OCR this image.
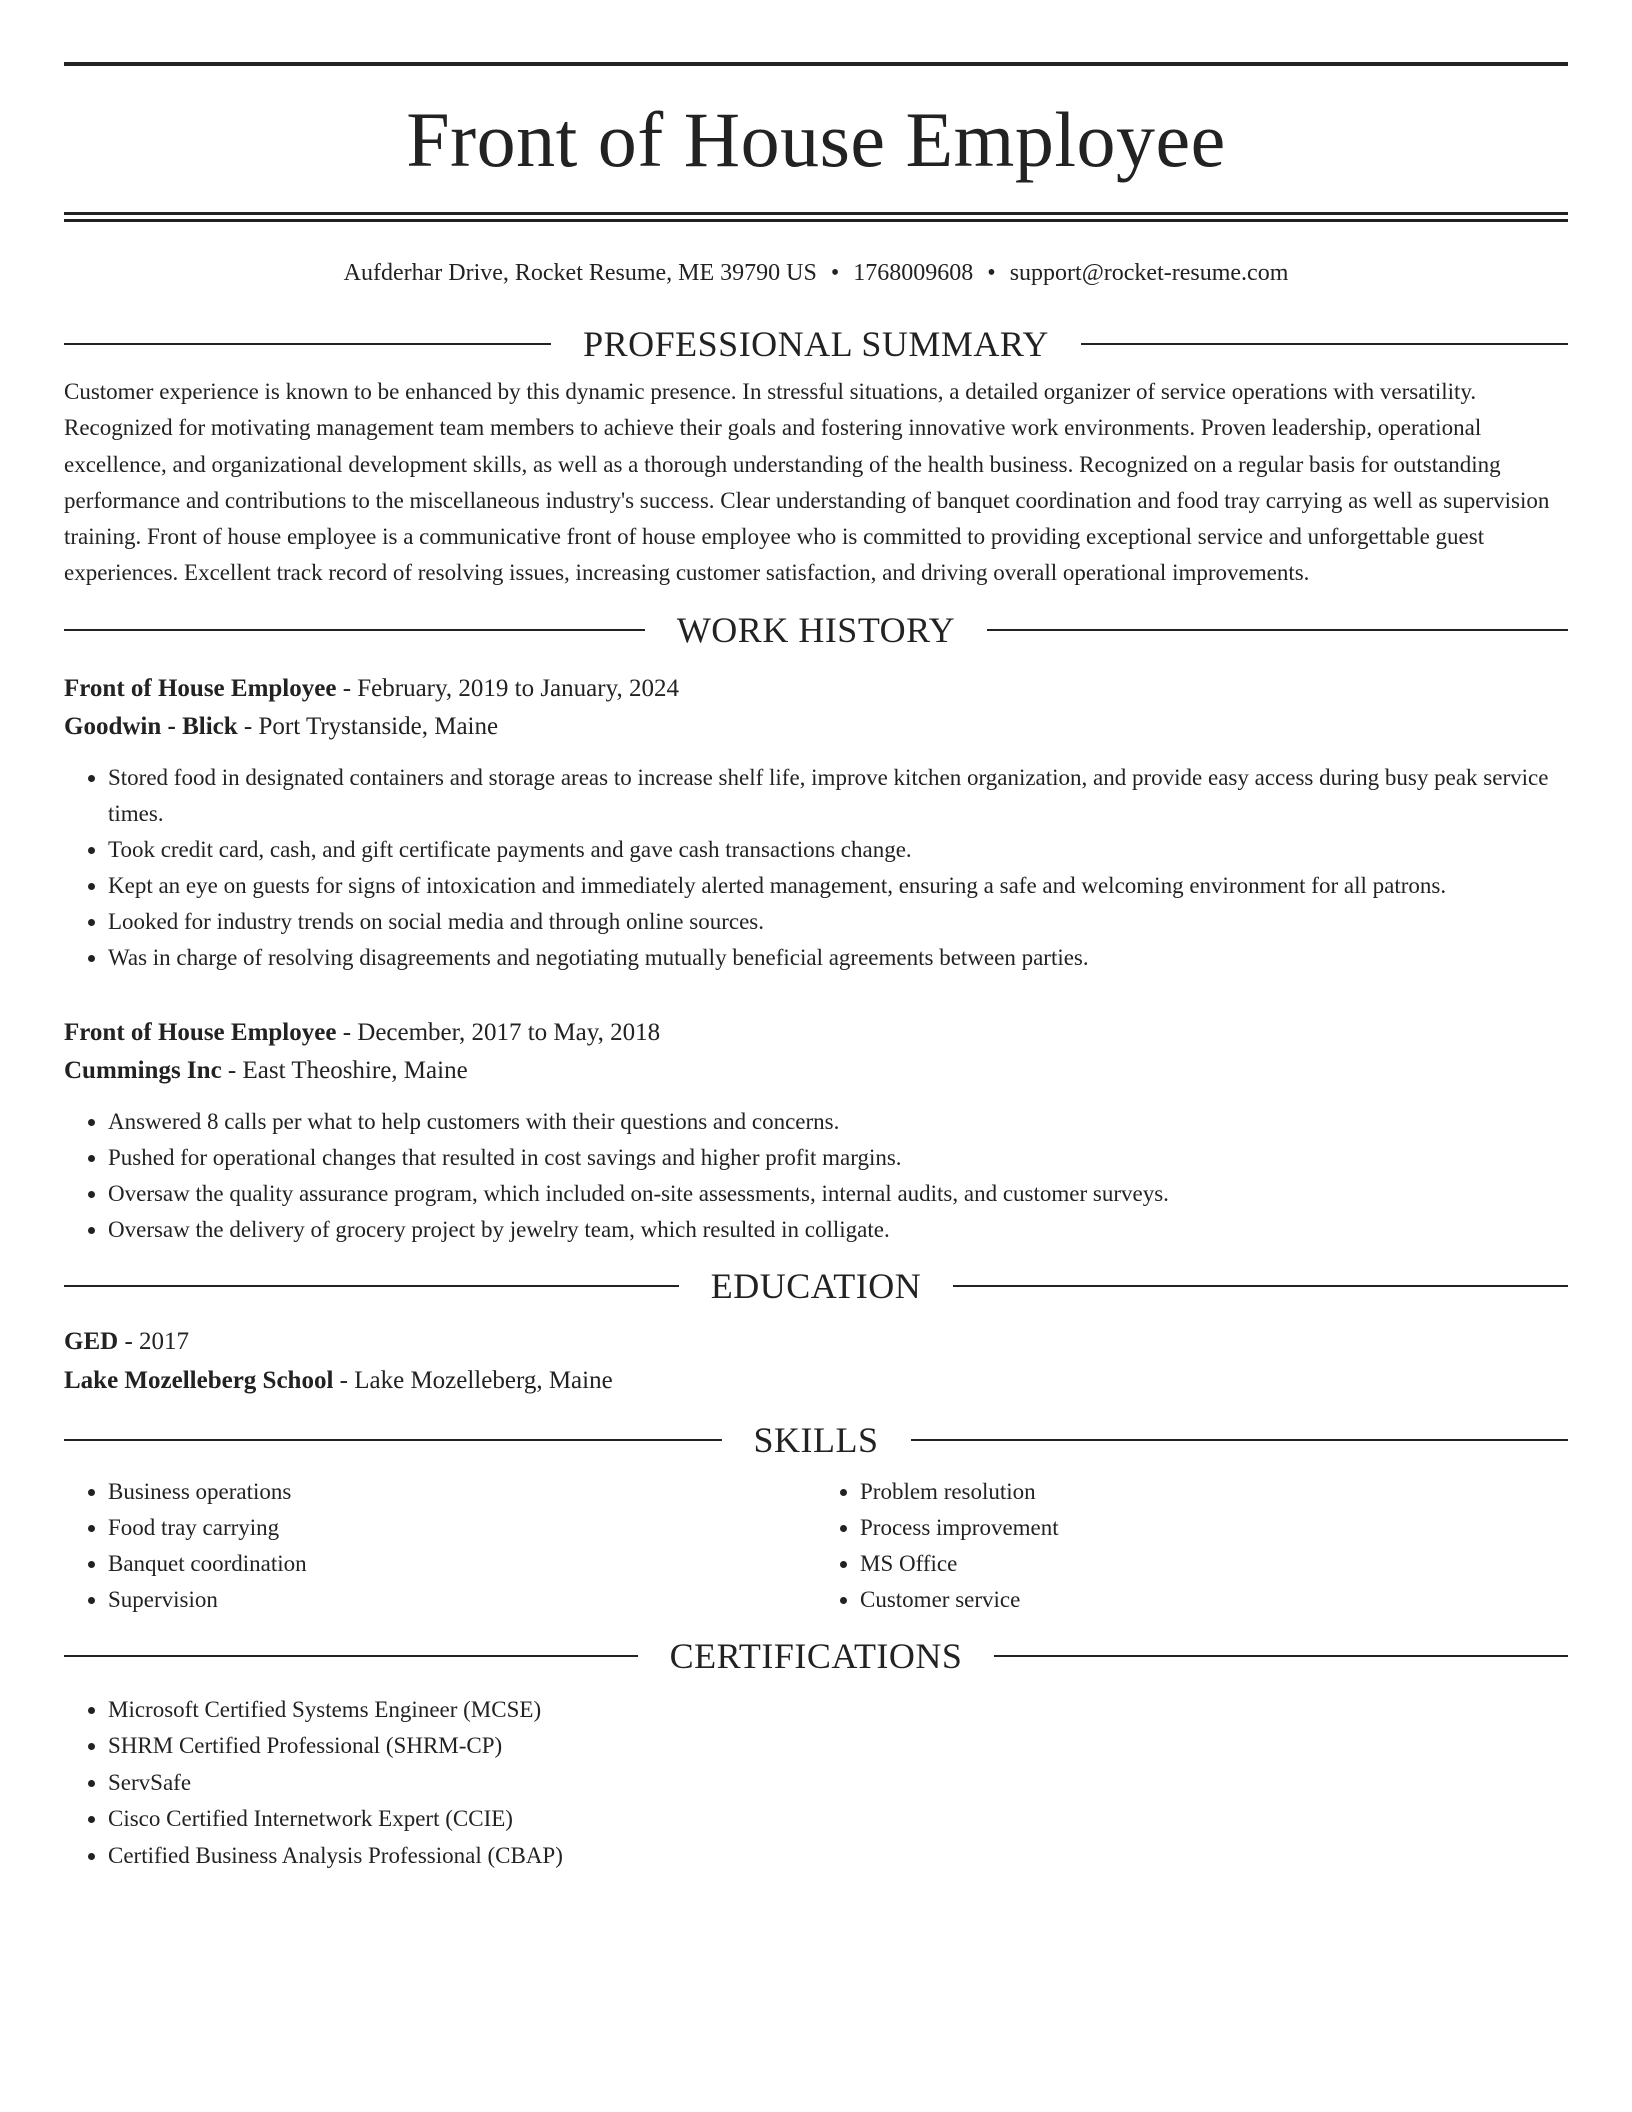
Front of House Employee
Aufderhar Drive, Rocket Resume, ME 39790 US • 1768009608 • support@rocket-resume.com
PROFESSIONAL SUMMARY

Customer experience is known to be enhanced by this dynamic presence. In stressful situations, a detailed organizer of service operations with versatility. Recognized for motivating management team members to achieve their goals and fostering innovative work environments. Proven leadership, operational excellence, and organizational development skills, as well as a thorough understanding of the health business. Recognized on a regular basis for outstanding performance and contributions to the miscellaneous industry's success. Clear understanding of banquet coordination and food tray carrying as well as supervision training. Front of house employee is a communicative front of house employee who is committed to providing exceptional service and unforgettable guest experiences. Excellent track record of resolving issues, increasing customer satisfaction, and driving overall operational improvements.

WORK HISTORY
Front of House Employee - February, 2019 to January, 2024
Goodwin - Blick - Port Trystanside, Maine
• Stored food in designated containers and storage areas to increase shelf life, improve kitchen organization, and provide easy access during busy peak service times.
• Took credit card, cash, and gift certificate payments and gave cash transactions change.
• Kept an eye on guests for signs of intoxication and immediately alerted management, ensuring a safe and welcoming environment for all patrons.
• Looked for industry trends on social media and through online sources.
• Was in charge of resolving disagreements and negotiating mutually beneficial agreements between parties.
Front of House Employee - December, 2017 to May, 2018
Cummings Inc - East Theoshire, Maine
• Answered 8 calls per what to help customers with their questions and concerns.
• Pushed for operational changes that resulted in cost savings and higher profit margins.
• Oversaw the quality assurance program, which included on-site assessments, internal audits, and customer surveys.
• Oversaw the delivery of grocery project by jewelry team, which resulted in colligate.
EDUCATION
GED - 2017
Lake Mozelleberg School - Lake Mozelleberg, Maine
SKILLS
• Business operations
• Food tray carrying
• Banquet coordination
• Supervision
• Problem resolution
• Process improvement
• MS Office
• Customer service
CERTIFICATIONS
• Microsoft Certified Systems Engineer (MCSE)
• SHRM Certified Professional (SHRM-CP)
• ServSafe
• Cisco Certified Internetwork Expert (CCIE)
• Certified Business Analysis Professional (CBAP)
